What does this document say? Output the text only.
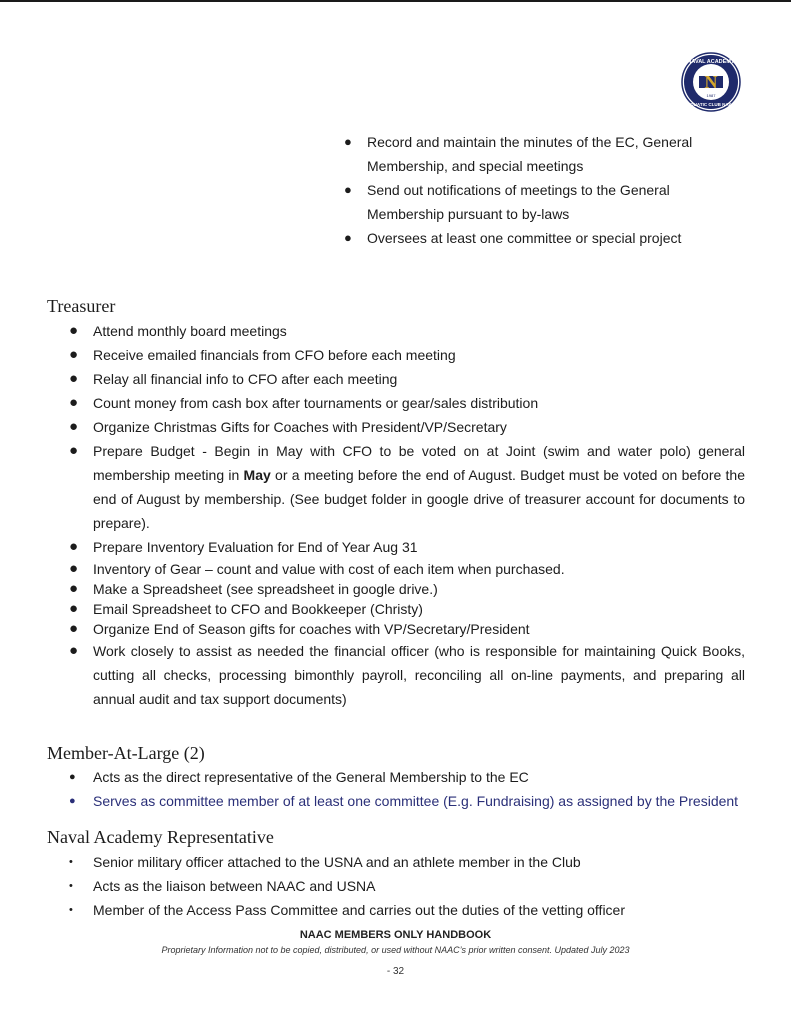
N
1987
NAVAL ACADEMY
AQUATIC CLUB NAAC
●	Record and maintain the minutes of the EC, General Membership, and special meetings
●	Send out notifications of meetings to the General Membership pursuant to by-laws
●	Oversees at least one committee or special project
Treasurer
●	Attend monthly board meetings
●	Receive emailed financials from CFO before each meeting
●	Relay all financial info to CFO after each meeting
●	Count money from cash box after tournaments or gear/sales distribution
●	Organize Christmas Gifts for Coaches with President/VP/Secretary
●	Prepare Budget - Begin in May with CFO to be voted on at Joint (swim and water polo) general membership meeting in May or a meeting before the end of August. Budget must be voted on before the end of August by membership. (See budget folder in google drive of treasurer account for documents to prepare).
●	Prepare Inventory Evaluation for End of Year Aug 31
●	Inventory of Gear – count and value with cost of each item when purchased.
●	Make a Spreadsheet (see spreadsheet in google drive.)
●	Email Spreadsheet to CFO and Bookkeeper (Christy)
●	Organize End of Season gifts for coaches with VP/Secretary/President
●	Work closely to assist as needed the financial officer (who is responsible for maintaining Quick Books, cutting all checks, processing bimonthly payroll, reconciling all on-line payments, and preparing all annual audit and tax support documents)
Member-At-Large (2)
●	Acts as the direct representative of the General Membership to the EC
●	Serves as committee member of at least one committee (E.g. Fundraising) as assigned by the President
Naval Academy Representative
•	Senior military officer attached to the USNA and an athlete member in the Club
•	Acts as the liaison between NAAC and USNA
•	Member of the Access Pass Committee and carries out the duties of the vetting officer
NAAC MEMBERS ONLY HANDBOOK
Proprietary Information not to be copied, distributed, or used without NAAC’s prior written consent. Updated July 2023
- 32
